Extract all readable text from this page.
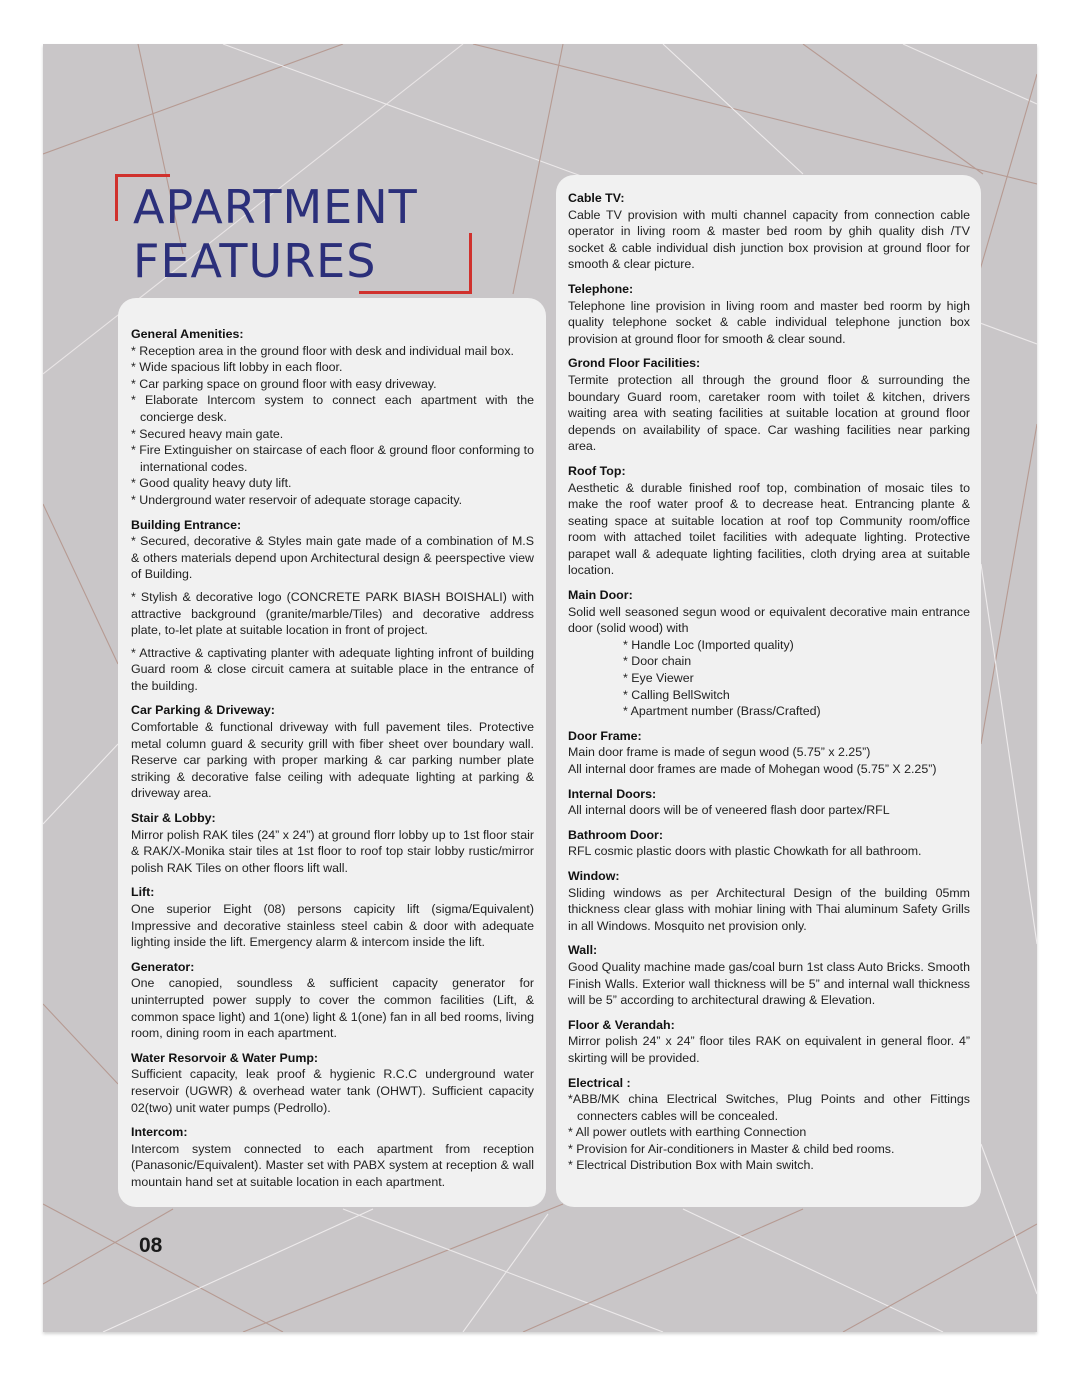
APARTMENT
FEATURES
General Amenities:

* Reception area in the ground floor with desk and individual mail box.

* Wide spacious lift lobby in each floor.

* Car parking space on ground floor with easy driveway.

* Elaborate Intercom system to connect each apartment with the concierge desk.

* Secured heavy main gate.

* Fire Extinguisher on staircase of each floor & ground floor conforming to international codes.

* Good quality heavy duty lift.

* Underground water reservoir of adequate storage capacity.

Building Entrance:

* Secured, decorative & Styles main gate made of a combination of M.S & others materials depend upon Architectural design & peerspective view of Building.

* Stylish & decorative logo (CONCRETE PARK BIASH BOISHALI) with attractive background (granite/marble/Tiles) and decorative address plate, to-let plate at suitable location in front of project.

* Attractive & captivating planter with adequate lighting infront of building Guard room & close circuit camera at suitable place in the entrance of the building.

Car Parking & Driveway:

Comfortable & functional driveway with full pavement tiles. Protective metal column guard & security grill with fiber sheet over boundary wall. Reserve car parking with proper marking & car parking number plate striking & decorative false ceiling with adequate lighting at parking & driveway area.

Stair & Lobby:

Mirror polish RAK tiles (24” x 24”) at ground florr lobby up to 1st floor stair & RAK/X-Monika stair tiles at 1st floor to roof top stair lobby rustic/mirror polish RAK Tiles on other floors lift wall.

Lift:

One superior Eight (08) persons capicity lift (sigma/Equivalent) Impressive and decorative stainless steel cabin & door with adequate lighting inside the lift. Emergency alarm & intercom inside the lift.

Generator:

One canopied, soundless & sufficient capacity generator for uninterrupted power supply to cover the common facilities (Lift, & common space light) and 1(one) light & 1(one) fan in all bed rooms, living room, dining room in each apartment.

Water Resorvoir & Water Pump:

Sufficient capacity, leak proof & hygienic R.C.C underground water reservoir (UGWR) & overhead water tank (OHWT). Sufficient capacity 02(two) unit water pumps (Pedrollo).

Intercom:

Intercom system connected to each apartment from reception (Panasonic/Equivalent). Master set with PABX system at reception & wall mountain hand set at suitable location in each apartment.

Cable TV:

Cable TV provision with multi channel capacity from connection cable operator in living room & master bed room by ghih quality dish /TV socket & cable individual dish junction box provision at ground floor for smooth & clear picture.

Telephone:

Telephone line provision in living room and master bed roorm by high quality telephone socket & cable individual telephone junction box provision at ground floor for smooth & clear sound.

Grond Floor Facilities:

Termite protection all through the ground floor & surrounding the boundary Guard room, caretaker room with toilet & kitchen, drivers waiting area with seating facilities at suitable location at ground floor depends on availability of space. Car washing facilities near parking area.

Roof Top:

Aesthetic & durable finished roof top, combination of mosaic tiles to make the roof water proof & to decrease heat. Entrancing plante & seating space at suitable location at roof top Community room/office room with attached toilet facilities with adequate lighting. Protective parapet wall & adequate lighting facilities, cloth drying area at suitable location.

Main Door:

Solid well seasoned segun wood or equivalent decorative main entrance door (solid wood) with

* Handle Loc (Imported quality)

* Door chain

* Eye Viewer

* Calling BellSwitch

* Apartment number (Brass/Crafted)

Door Frame:

Main door frame is made of segun wood (5.75” x 2.25”)

All internal door frames are made of Mohegan wood (5.75” X 2.25”)

Internal Doors:

All internal doors will be of veneered flash door partex/RFL

Bathroom Door:

RFL cosmic plastic doors with plastic Chowkath for all bathroom.

Window:

Sliding windows as per Architectural Design of the building 05mm thickness clear glass with mohiar lining with Thai aluminum Safety Grills in all Windows. Mosquito net provision only.

Wall:

Good Quality machine made gas/coal burn 1st class Auto Bricks. Smooth Finish Walls. Exterior wall thickness will be 5” and internal wall thickness will be 5” according to architectural drawing & Elevation.

Floor & Verandah:

Mirror polish 24” x 24” floor tiles RAK on equivalent in general floor. 4” skirting will be provided.

Electrical :

*ABB/MK china Electrical Switches, Plug Points and other Fittings connecters cables will be concealed.

* All power outlets with earthing Connection

* Provision for Air-conditioners in Master & child bed rooms.

* Electrical Distribution Box with Main switch.

08
